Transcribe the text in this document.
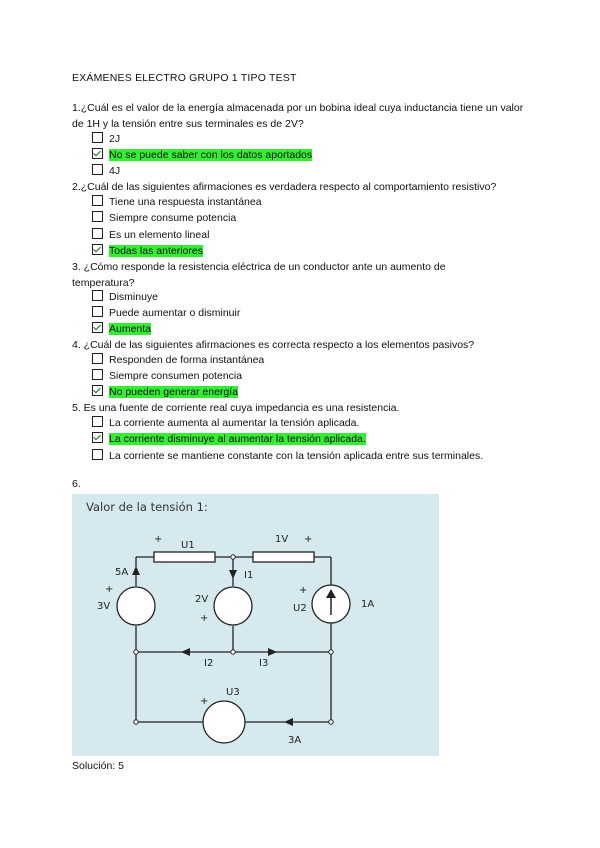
EXÁMENES ELECTRO GRUPO 1 TIPO TEST
1.¿Cuál es el valor de la energía almacenada por un bobina ideal cuya inductancia tiene un valor de 1H y la tensión entre sus terminales es de 2V?
2J
No se puede saber con los datos aportados
4J
2.¿Cuál de las siguientes afirmaciones es verdadera respecto al comportamiento resistivo?
Tiene una respuesta instantánea
Siempre consume potencia
Es un elemento lineal
Todas las anteriores
3. ¿Cómo responde la resistencia eléctrica de un conductor ante un aumento de temperatura?
Disminuye
Puede aumentar o disminuir
Aumenta
4. ¿Cuál de las siguientes afirmaciones es correcta respecto a los elementos pasivos?
Responden de forma instantánea
Siempre consumen potencia
No pueden generar energía
5. Es una fuente de corriente real cuya impedancia es una resistencia.
La corriente aumenta al aumentar la tensión aplicada.
La corriente disminuye al aumentar la tensión aplicada.
La corriente se mantiene constante con la tensión aplicada entre sus terminales.
6.
Valor de la tensión 1:
+
U1
1V +
5A
+
3V
I1
2V
+
+
U2	1A
I2	I3
U3
+
3A
Solución: 5
